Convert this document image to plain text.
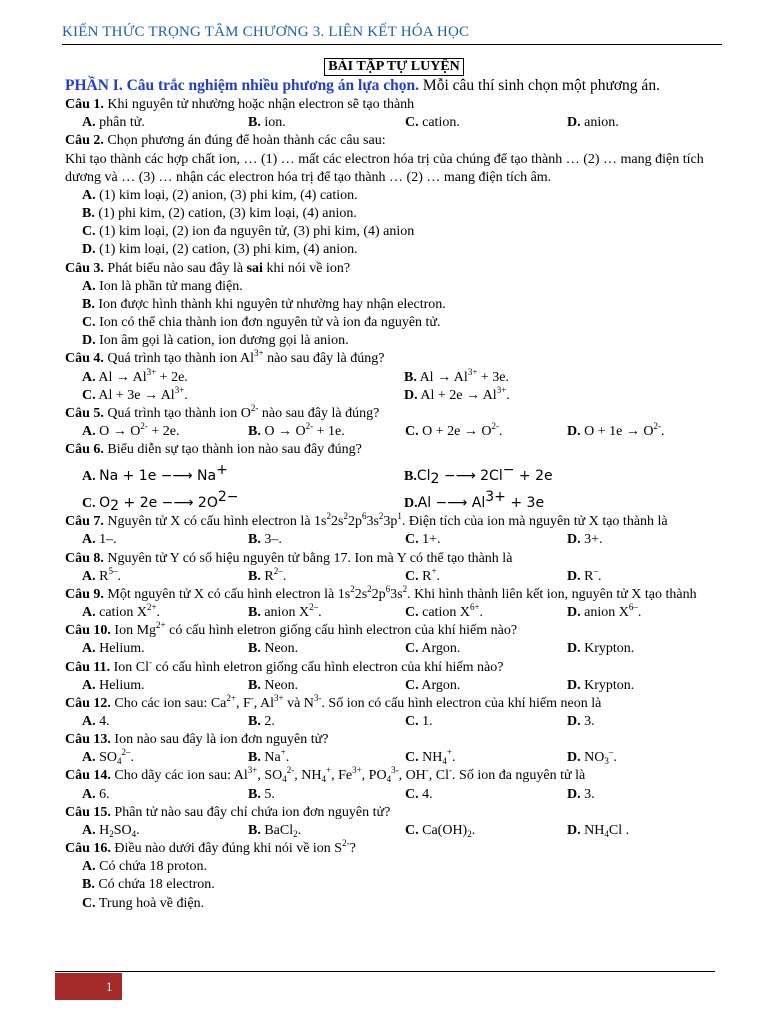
KIẾN THỨC TRỌNG TÂM CHƯƠNG 3. LIÊN KẾT HÓA HỌC
BÀI TẬP TỰ LUYỆN
PHẦN I. Câu trắc nghiệm nhiều phương án lựa chọn. Mỗi câu thí sinh chọn một phương án.
Câu 1. Khi nguyên tử nhường hoặc nhận electron sẽ tạo thành
A. phân tử.	B. ion.	C. cation.	D. anion.
Câu 2. Chọn phương án đúng để hoàn thành các câu sau:
Khi tạo thành các hợp chất ion, … (1) … mất các electron hóa trị của chúng để tạo thành … (2) … mang điện tích dương và … (3) … nhận các electron hóa trị để tạo thành … (2) … mang điện tích âm.
A. (1) kim loại, (2) anion, (3) phi kim, (4) cation.
B. (1) phi kim, (2) cation, (3) kim loại, (4) anion.
C. (1) kim loại, (2) ion đa nguyên tử, (3) phi kim, (4) anion
D. (1) kim loại, (2) cation, (3) phi kim, (4) anion.
Câu 3. Phát biểu nào sau đây là sai khi nói về ion?
A. Ion là phần tử mang điện.
B. Ion được hình thành khi nguyên tử nhường hay nhận electron.
C. Ion có thể chia thành ion đơn nguyên tử và ion đa nguyên tử.
D. Ion âm gọi là cation, ion dương gọi là anion.
Câu 4. Quá trình tạo thành ion $Al^{3+}$ nào sau đây là đúng?
A. $Al \to Al^{3+} + 2e$.	B. $Al \to Al^{3+} + 3e$.
C. $Al + 3e \to Al^{3+}$.	D. $Al + 2e \to Al^{3+}$.
Câu 5. Quá trình tạo thành ion $O^{2-}$ nào sau đây là đúng?
A. $O \to O^{2-} + 2e$.	B. $O \to O^{2-} + 1e$.	C. $O + 2e \to O^{2-}$.	D. $O + 1e \to O^{2-}$.
Câu 6. Biểu diễn sự tạo thành ion nào sau đây đúng?
A. Na + 1e −⟶ Na+	$B.Cl_2$ −⟶ 2Cl− + 2e
C. $O_2 + 2e$ −⟶ $2O^{2-}$	D.Al −⟶ $Al^{3+} + 3e$
Câu 7. Nguyên tử X có cấu hình electron là $1s^22s^22p^63s^23p^1$. Điện tích của ion mà nguyên tử X tạo thành là
A. 1–.	B. 3–.	C. 1+.	D. 3+.
Câu 8. Nguyên tử Y có số hiệu nguyên tử bằng 17. Ion mà Y có thể tạo thành là
A. $R^{5-}$.	B. $R^{2-}$.	C. R+.	D. R–.
Câu 9. Một nguyên tử X có cấu hình electron là $1s^22s^22p^63s^2$. Khi hình thành liên kết ion, nguyên tử X tạo thành
A. cation $X^{2+}$.	B. anion $X^{2-}$.	C. cation $X^{6+}$.	D. anion $X^{6-}$.
Câu 10. Ion $Mg^{2+}$ có cấu hình eletron giống cấu hình electron của khí hiếm nào?
A. Helium.	B. Neon.	C. Argon.	D. Krypton.
Câu 11. Ion Cl- có cấu hình eletron giống cấu hình electron của khí hiếm nào?
A. Helium.	B. Neon.	C. Argon.	D. Krypton.
Câu 12. Cho các ion sau: $Ca^{2+}$, F-, $Al^{3+}$ và $N^{3-}$. Số ion có cấu hình electron của khí hiếm neon là
A. 4.	B. 2.	C. 1.	D. 3.
Câu 13. Ion nào sau đây là ion đơn nguyên tử?
A. $SO_4^{2-}$.	B. Na+.	C. $NH_4^+$.	D. $NO_3^-$.
Câu 14. Cho dãy các ion sau: $Al^{3+}$, $SO_4^{2-}$, $NH_4^+$, $Fe^{3+}$, $PO_4^{3-}$, OH-, Cl-. Số ion đa nguyên tử là
A. 6.	B. 5.	C. 4.	D. 3.
Câu 15. Phân tử nào sau đây chỉ chứa ion đơn nguyên tử?
A. $H_2SO_4$.	B. BaCl$_2$.	C. $Ca(OH)_2$.	D. $NH_4Cl$ .
Câu 16. Điều nào dưới đây đúng khi nói về ion $S^{2-}$?
A. Có chứa 18 proton.
B. Có chứa 18 electron.
C. Trung hoà về điện.
1
